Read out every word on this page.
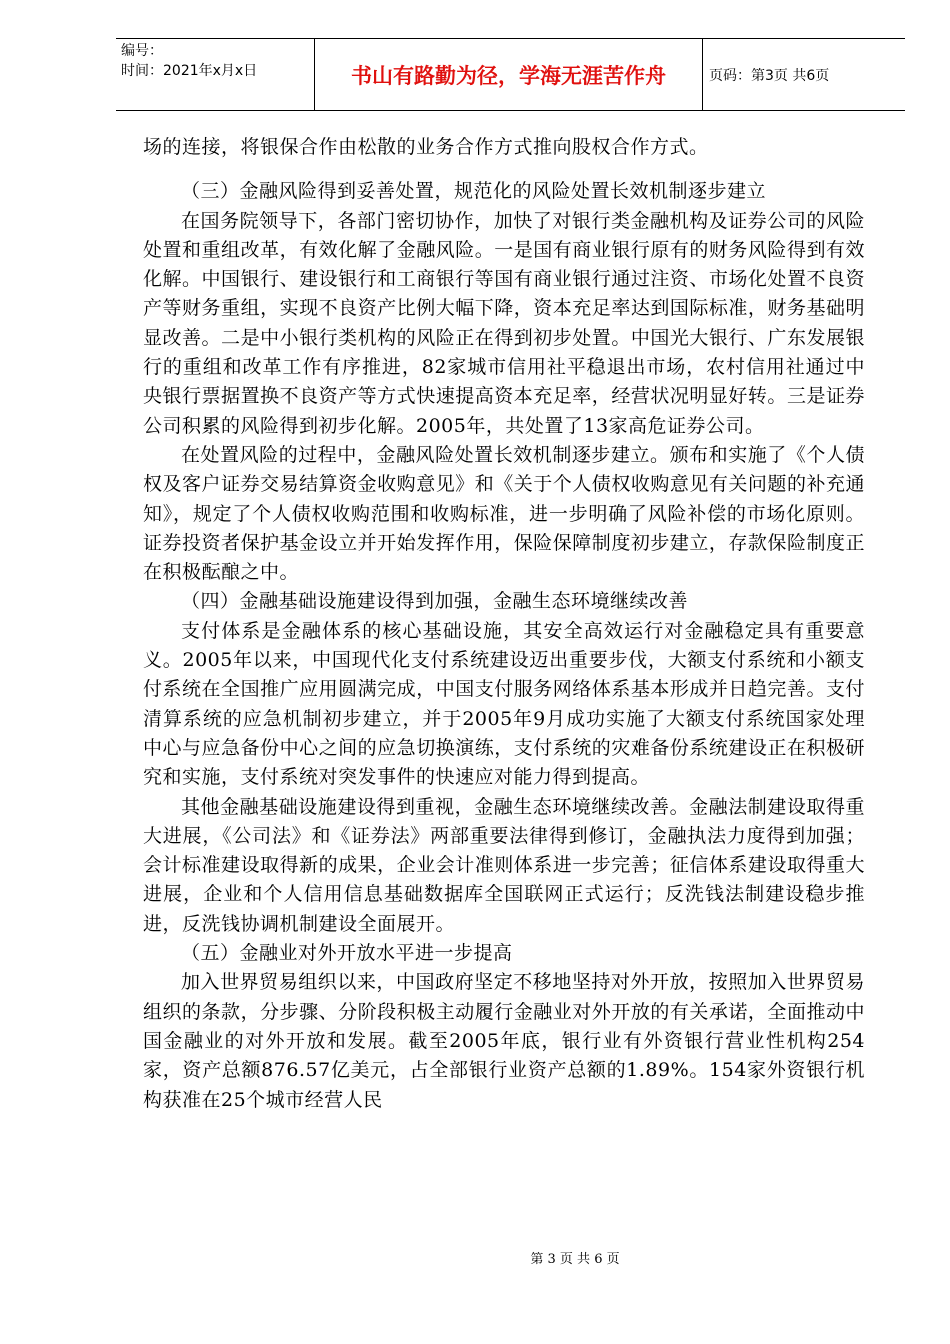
编号：
时间：2021年x月x日	书山有路勤为径，学海无涯苦作舟	页码：第3页 共6页

场的连接，将银保合作由松散的业务合作方式推向股权合作方式。

（三）金融风险得到妥善处置，规范化的风险处置长效机制逐步建立

在国务院领导下，各部门密切协作，加快了对银行类金融机构及证券公司的风险处置和重组改革，有效化解了金融风险。一是国有商业银行原有的财务风险得到有效化解。中国银行、建设银行和工商银行等国有商业银行通过注资、市场化处置不良资产等财务重组，实现不良资产比例大幅下降，资本充足率达到国际标准，财务基础明显改善。二是中小银行类机构的风险正在得到初步处置。中国光大银行、广东发展银行的重组和改革工作有序推进，82家城市信用社平稳退出市场，农村信用社通过中央银行票据置换不良资产等方式快速提高资本充足率，经营状况明显好转。三是证券公司积累的风险得到初步化解。2005年，共处置了13家高危证券公司。

在处置风险的过程中，金融风险处置长效机制逐步建立。颁布和实施了《个人债权及客户证券交易结算资金收购意见》和《关于个人债权收购意见有关问题的补充通知》，规定了个人债权收购范围和收购标准，进一步明确了风险补偿的市场化原则。证券投资者保护基金设立并开始发挥作用，保险保障制度初步建立，存款保险制度正在积极酝酿之中。

（四）金融基础设施建设得到加强，金融生态环境继续改善

支付体系是金融体系的核心基础设施，其安全高效运行对金融稳定具有重要意义。2005年以来，中国现代化支付系统建设迈出重要步伐，大额支付系统和小额支付系统在全国推广应用圆满完成，中国支付服务网络体系基本形成并日趋完善。支付清算系统的应急机制初步建立，并于2005年9月成功实施了大额支付系统国家处理中心与应急备份中心之间的应急切换演练，支付系统的灾难备份系统建设正在积极研究和实施，支付系统对突发事件的快速应对能力得到提高。

其他金融基础设施建设得到重视，金融生态环境继续改善。金融法制建设取得重大进展，《公司法》和《证券法》两部重要法律得到修订，金融执法力度得到加强；会计标准建设取得新的成果，企业会计准则体系进一步完善；征信体系建设取得重大进展，企业和个人信用信息基础数据库全国联网正式运行；反洗钱法制建设稳步推进，反洗钱协调机制建设全面展开。

（五）金融业对外开放水平进一步提高

加入世界贸易组织以来，中国政府坚定不移地坚持对外开放，按照加入世界贸易组织的条款，分步骤、分阶段积极主动履行金融业对外开放的有关承诺，全面推动中国金融业的对外开放和发展。截至2005年底，银行业有外资银行营业性机构254家，资产总额876.57亿美元，占全部银行业资产总额的1.89%。154家外资银行机构获准在25个城市经营人民

第 3 页 共 6 页
